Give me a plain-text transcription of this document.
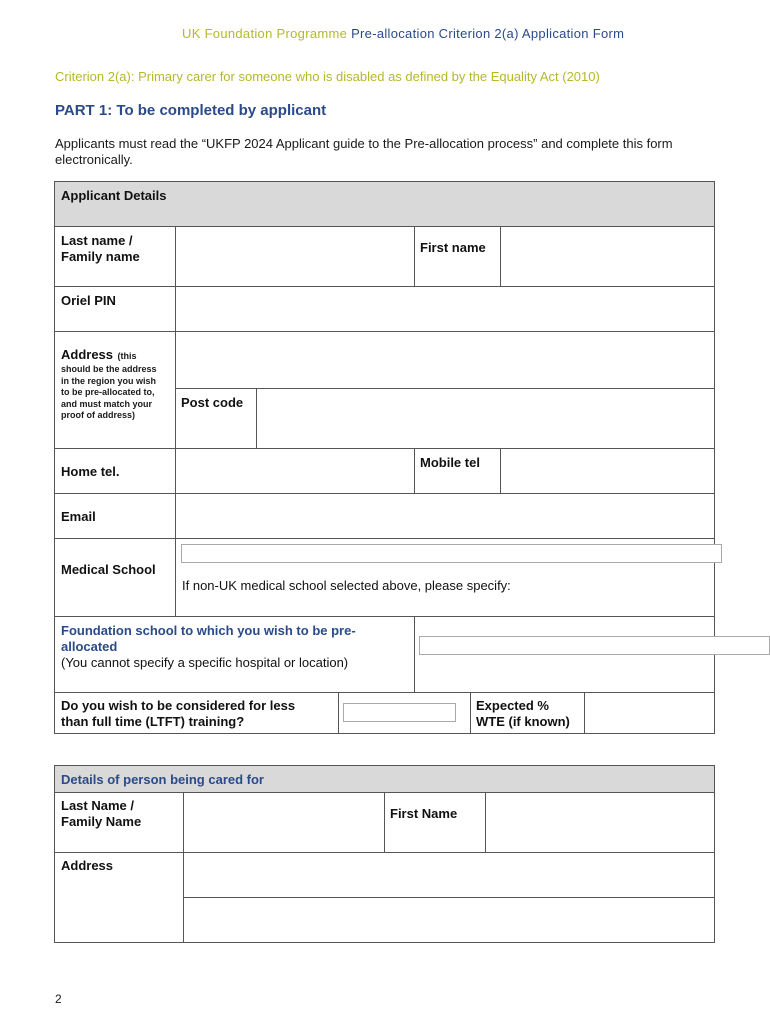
UK Foundation Programme Pre-allocation Criterion 2(a) Application Form
Criterion 2(a): Primary carer for someone who is disabled as defined by the Equality Act (2010)
PART 1: To be completed by applicant
Applicants must read the “UKFP 2024 Applicant guide to the Pre-allocation process” and complete this form electronically.
Applicant Details
Last name /
Family name
First name
Oriel PIN
Address (this
should be the address
in the region you wish
to be pre-allocated to,
and must match your
proof of address)
Post code
Home tel.
Mobile tel
Email
Medical School
If non-UK medical school selected above, please specify:
Foundation school to which you wish to be pre-
allocated
(You cannot specify a specific hospital or location)
Do you wish to be considered for less
than full time (LTFT) training?
Expected %
WTE (if known)
Details of person being cared for
Last Name /
Family Name
First Name
Address
2
